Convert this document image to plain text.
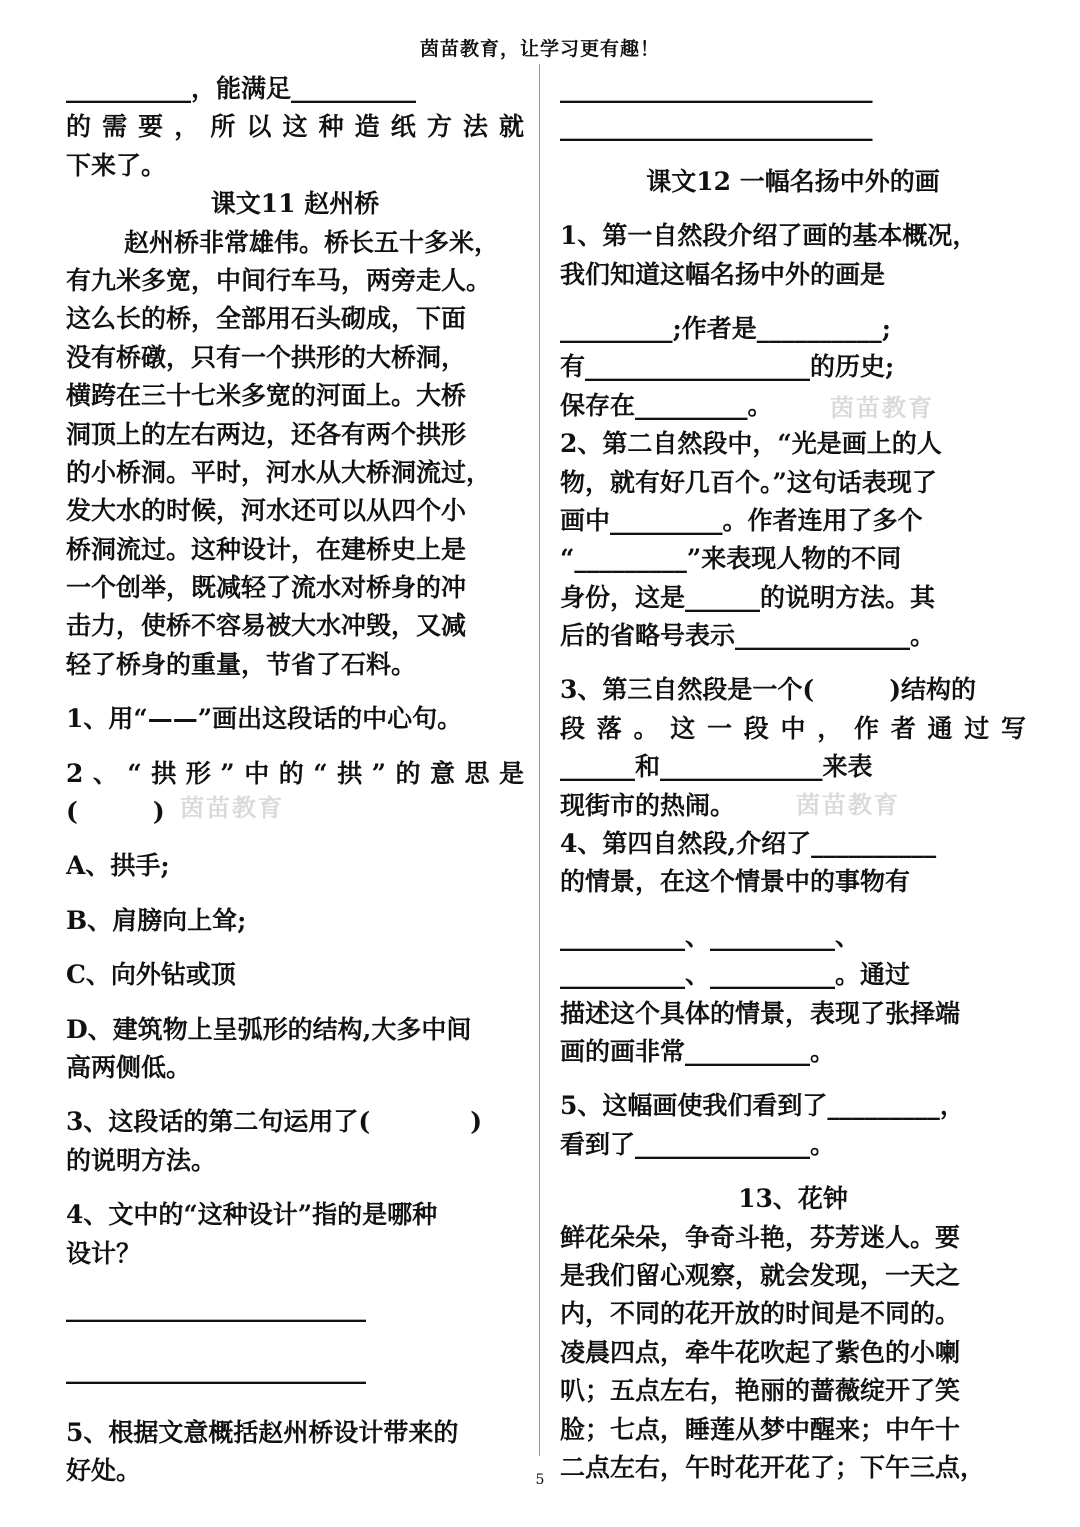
茵苗教育，让学习更有趣！
__________，能满足__________
的需要，所以这种造纸方法就
下来了。
课文11 赵州桥
赵州桥非常雄伟。桥长五十多米，
有九米多宽，中间行车马，两旁走人。
这么长的桥，全部用石头砌成，下面
没有桥礅，只有一个拱形的大桥洞，
横跨在三十七米多宽的河面上。大桥
洞顶上的左右两边，还各有两个拱形
的小桥洞。平时，河水从大桥洞流过，
发大水的时候，河水还可以从四个小
桥洞流过。这种设计，在建桥史上是
一个创举，既减轻了流水对桥身的冲
击力，使桥不容易被大水冲毁，又减
轻了桥身的重量，节省了石料。
1、用“——”画出这段话的中心句。
2、“拱形”中的“拱”的意思是
(　　　)
A、拱手;
B、肩膀向上耸;
C、向外钻或顶
D、建筑物上呈弧形的结构,大多中间
高两侧低。
3、这段话的第二句运用了(　　　　)
的说明方法。
4、文中的“这种设计”指的是哪种
设计？
________________________
________________________
5、根据文意概括赵州桥设计带来的
好处。
_________________________
_________________________
课文12 一幅名扬中外的画
1、第一自然段介绍了画的基本概况，
我们知道这幅名扬中外的画是
_________;作者是__________;
有__________________的历史;
保存在_________。
2、第二自然段中，“光是画上的人
物，就有好几百个。”这句话表现了
画中_________。作者连用了多个
“_________”来表现人物的不同
身份，这是______的说明方法。其
后的省略号表示______________。
3、第三自然段是一个(　　　)结构的
段落。这一段中，作者通过写
______和_____________来表
现街市的热闹。
4、第四自然段,介绍了__________
的情景，在这个情景中的事物有
__________、__________、
__________、__________。通过
描述这个具体的情景，表现了张择端
画的画非常__________。
5、这幅画使我们看到了_________，
看到了______________。
13、花钟
鲜花朵朵，争奇斗艳，芬芳迷人。要
是我们留心观察，就会发现，一天之
内，不同的花开放的时间是不同的。
凌晨四点，牵牛花吹起了紫色的小喇
叭；五点左右，艳丽的蔷薇绽开了笑
脸；七点，睡莲从梦中醒来；中午十
二点左右，午时花开花了；下午三点，
茵苗教育
茵苗教育
茵苗教育
5
